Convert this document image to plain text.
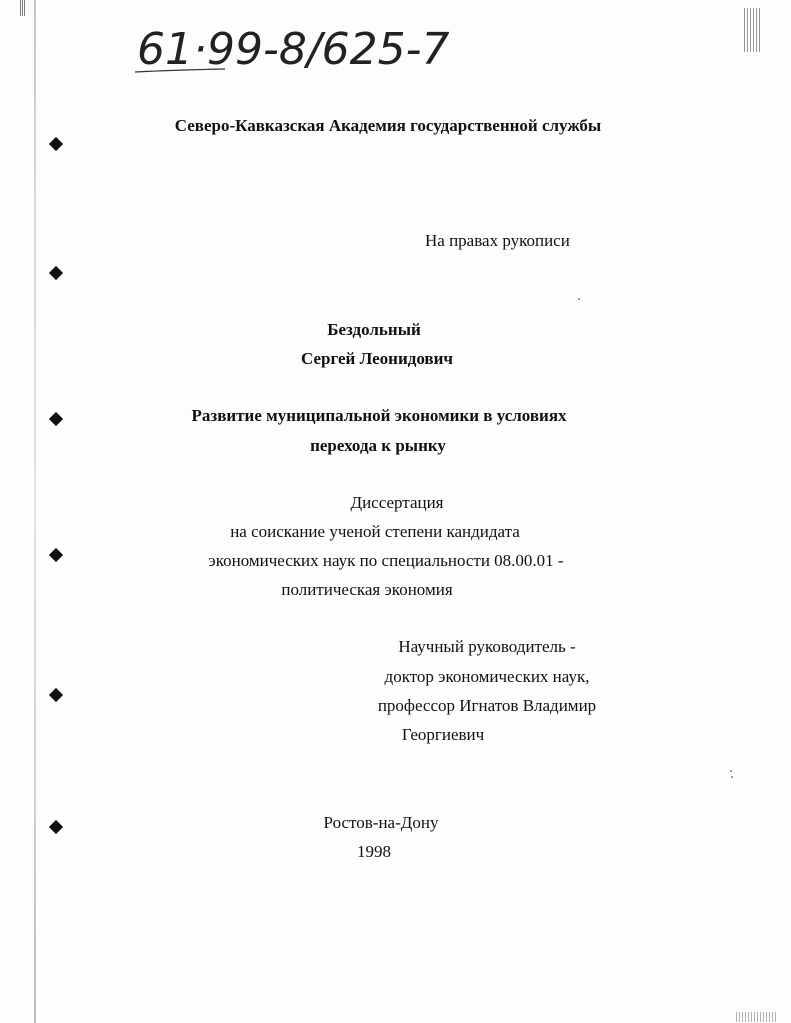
61·99-8/625-7
Северо-Кавказская Академия государственной службы
На правах рукописи
Бездольный
Сергей Леонидович
Развитие муниципальной экономики в условиях
перехода к рынку
Диссертация
на соискание ученой степени кандидата
экономических наук по специальности 08.00.01 -
политическая экономия
Научный руководитель -
доктор экономических наук,
профессор Игнатов Владимир
Георгиевич
Ростов-на-Дону
1998
